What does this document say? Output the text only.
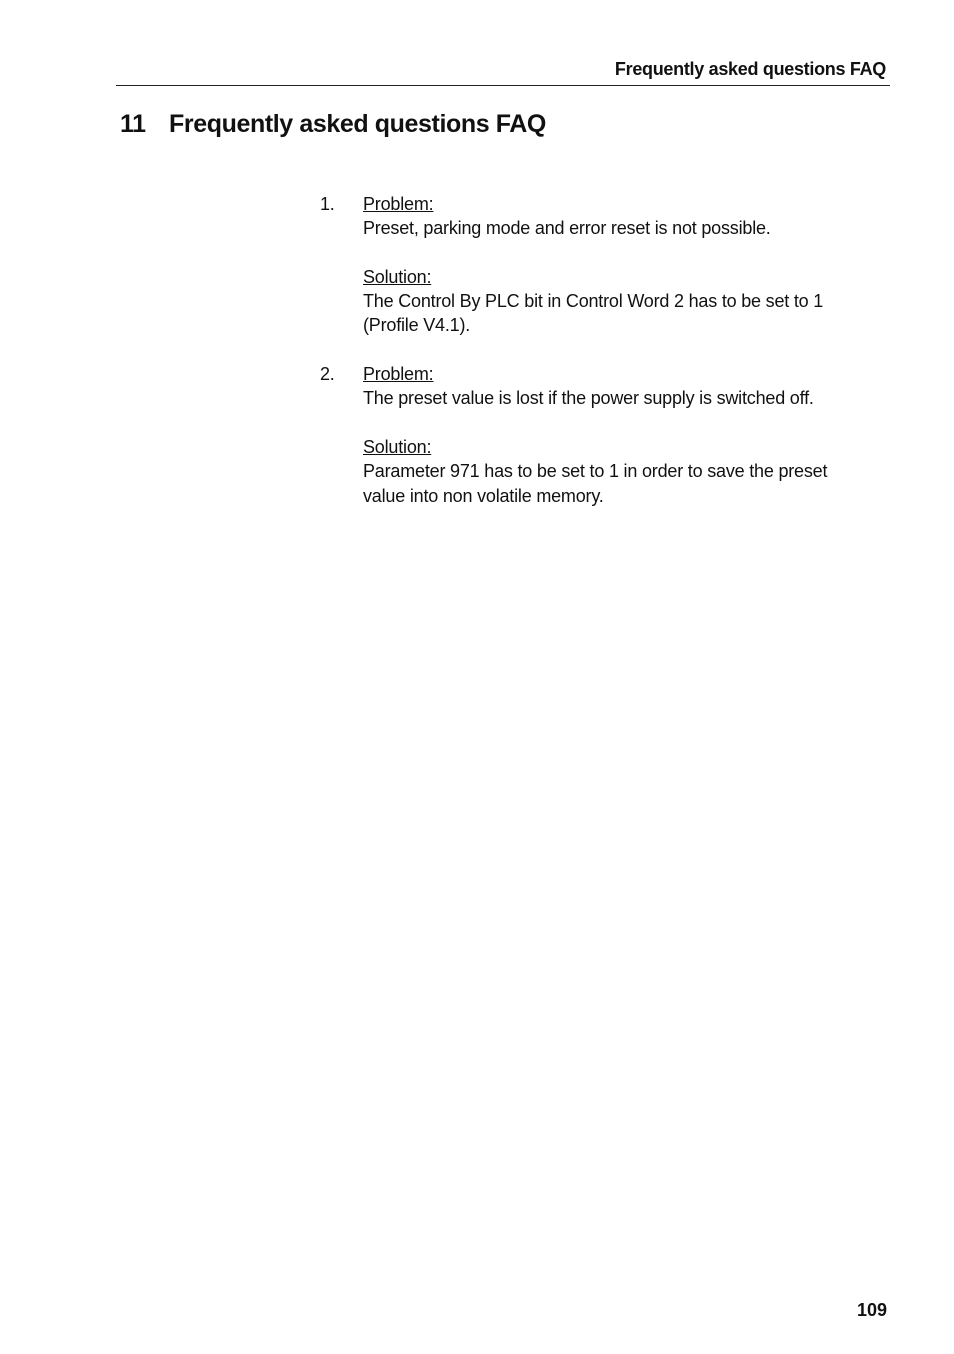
Frequently asked questions FAQ
11 Frequently asked questions FAQ
1.	Problem:
Preset, parking mode and error reset is not possible.
Solution:
The Control By PLC bit in Control Word 2 has to be set to 1
(Profile V4.1).
2.	Problem:
The preset value is lost if the power supply is switched off.
Solution:
Parameter 971 has to be set to 1 in order to save the preset
value into non volatile memory.
109
